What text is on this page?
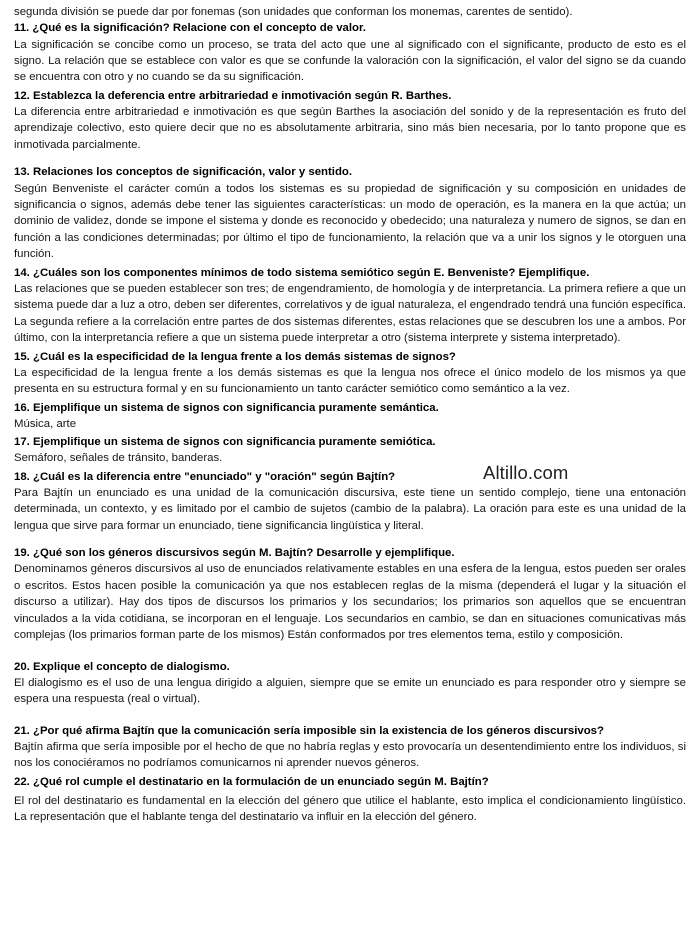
segunda división se puede dar por fonemas (son unidades que conforman los monemas, carentes de sentido).

11. ¿Qué es la significación? Relacione con el concepto de valor.

La significación se concibe como un proceso, se trata del acto que une al significado con el significante, producto de esto es el signo. La relación que se establece con valor es que se confunde la valoración con la significación, el valor del signo se da cuando se encuentra con otro y no cuando se da su significación.

12. Establezca la deferencia entre arbitrariedad e inmotivación según R. Barthes.

La diferencia entre arbitrariedad e inmotivación es que según Barthes la asociación del sonido y de la representación es fruto del aprendizaje colectivo, esto quiere decir que no es absolutamente arbitraria, sino más bien necesaria, por lo tanto propone que es inmotivada parcialmente.

13. Relaciones los conceptos de significación, valor y sentido.

Según Benveniste el carácter común a todos los sistemas es su propiedad de significación y su composición en unidades de significancia o signos, además debe tener las siguientes características: un modo de operación, es la manera en la que actúa; un dominio de validez, donde se impone el sistema y donde es reconocido y obedecido; una naturaleza y numero de signos, se dan en función a las condiciones determinadas; por último el tipo de funcionamiento, la relación que va a unir los signos y le otorguen una función.

14. ¿Cuáles son los componentes mínimos de todo sistema semiótico según E. Benveniste? Ejemplifique.

Las relaciones que se pueden establecer son tres; de engendramiento, de homología y de interpretancia. La primera refiere a que un sistema puede dar a luz a otro, deben ser diferentes, correlativos y de igual naturaleza, el engendrado tendrá una función específica. La segunda refiere a la correlación entre partes de dos sistemas diferentes, estas relaciones que se descubren los une a ambos. Por último, con la interpretancia refiere a que un sistema puede interpretar a otro (sistema interprete y sistema interpretado).

15. ¿Cuál es la especificidad de la lengua frente a los demás sistemas de signos?

La especificidad de la lengua frente a los demás sistemas es que la lengua nos ofrece el único modelo de los mismos ya que presenta en su estructura formal y en su funcionamiento un tanto carácter semiótico como semántico a la vez.

16. Ejemplifique un sistema de signos con significancia puramente semántica.

Música, arte

17. Ejemplifique un sistema de signos con significancia puramente semiótica.

Semáforo, señales de tránsito, banderas.

18. ¿Cuál es la diferencia entre "enunciado" y "oración" según Bajtín?

Para Bajtín un enunciado es una unidad de la comunicación discursiva, este tiene un sentido complejo, tiene una entonación determinada, un contexto, y es limitado por el cambio de sujetos (cambio de la palabra). La oración para este es una unidad de la lengua que sirve para formar un enunciado, tiene significancia lingüística y literal.

19. ¿Qué son los géneros discursivos según M. Bajtín? Desarrolle y ejemplifique.

Denominamos géneros discursivos al uso de enunciados relativamente estables en una esfera de la lengua, estos pueden ser orales o escritos. Estos hacen posible la comunicación ya que nos establecen reglas de la misma (dependerá el lugar y la situación el discurso a utilizar). Hay dos tipos de discursos los primarios y los secundarios; los primarios son aquellos que se encuentran vinculados a la vida cotidiana, se incorporan en el lenguaje. Los secundarios en cambio, se dan en situaciones comunicativas más complejas (los primarios forman parte de los mismos) Están conformados por tres elementos tema, estilo y composición.

20. Explique el concepto de dialogismo.

El dialogismo es el uso de una lengua dirigido a alguien, siempre que se emite un enunciado es para responder otro y siempre se espera una respuesta (real o virtual).

21. ¿Por qué afirma Bajtín que la comunicación sería imposible sin la existencia de los géneros discursivos?

Bajtín afirma que sería imposible por el hecho de que no habría reglas y esto provocaría un desentendimiento entre los individuos, si nos los conociéramos no podríamos comunicarnos ni aprender nuevos géneros.

22. ¿Qué rol cumple el destinatario en la formulación de un enunciado según M. Bajtín?

El rol del destinatario es fundamental en la elección del género que utilice el hablante, esto implica el condicionamiento lingüístico. La representación que el hablante tenga del destinatario va influir en la elección del género.

Altillo.com
